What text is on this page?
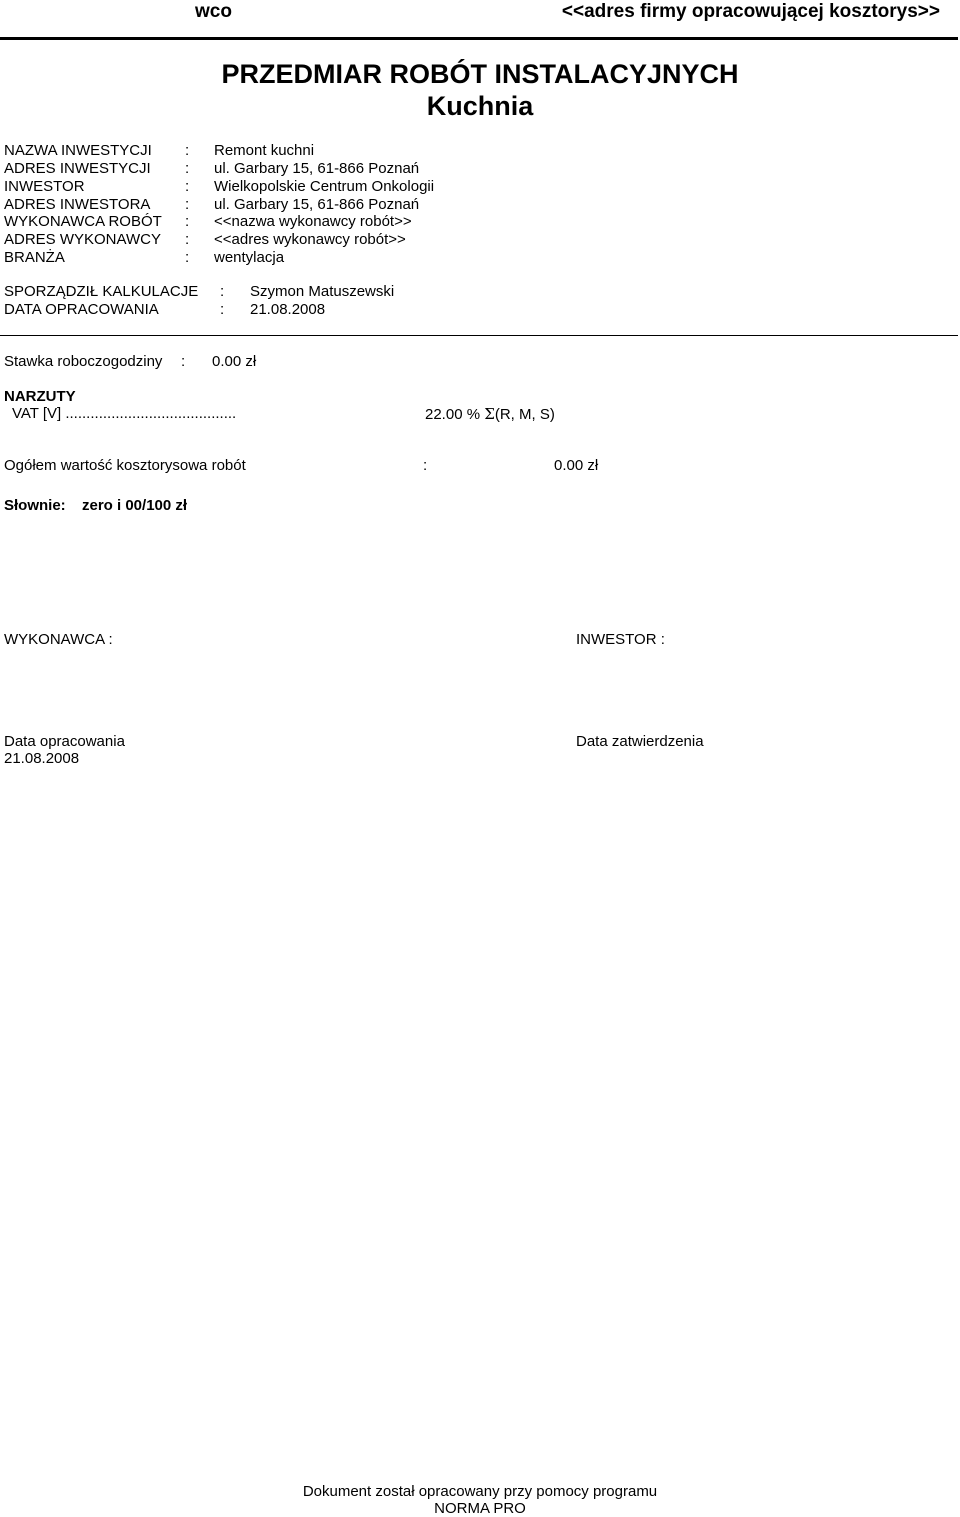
wco	<<adres firmy opracowującej kosztorys>>
PRZEDMIAR ROBÓT INSTALACYJNYCH
Kuchnia
NAZWA INWESTYCJI : Remont kuchni
ADRES INWESTYCJI : ul. Garbary 15, 61-866 Poznań
INWESTOR	: Wielkopolskie Centrum Onkologii
ADRES INWESTORA : ul. Garbary 15, 61-866 Poznań
WYKONAWCA ROBÓT : <<nazwa wykonawcy robót>>
ADRES WYKONAWCY : <<adres wykonawcy robót>>
BRANŻA	: wentylacja
SPORZĄDZIŁ KALKULACJE : Szymon Matuszewski
DATA OPRACOWANIA	: 21.08.2008
Stawka roboczogodziny : 0.00 zł
NARZUTY
VAT [V] .........................................	22.00 % Σ(R, M, S)
Ogółem wartość kosztorysowa robót	:	0.00 zł
Słownie: zero i 00/100 zł
WYKONAWCA :	INWESTOR :
Data opracowania
21.08.2008
Data zatwierdzenia
Dokument został opracowany przy pomocy programu
NORMA PRO
